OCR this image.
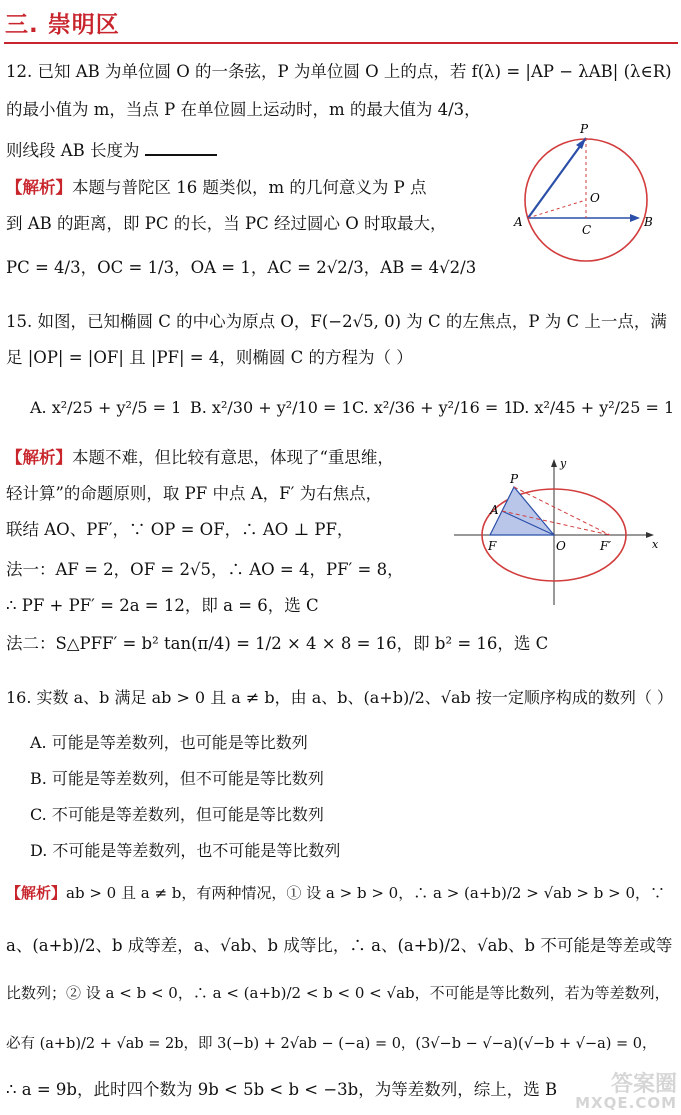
三. 崇明区
12. 已知 AB 为单位圆 O 的一条弦，P 为单位圆 O 上的点，若 f(λ) = |AP − λAB| (λ∈R)
的最小值为 m，当点 P 在单位圆上运动时，m 的最大值为 4/3，
则线段 AB 长度为
【解析】本题与普陀区 16 题类似，m 的几何意义为 P 点
到 AB 的距离，即 PC 的长，当 PC 经过圆心 O 时取最大，
PC = 4/3，OC = 1/3，OA = 1，AC = 2√2/3，AB = 4√2/3
P
O
A	B
C
15. 如图，已知椭圆 C 的中心为原点 O，F(−2√5, 0) 为 C 的左焦点，P 为 C 上一点，满
足 |OP| = |OF| 且 |PF| = 4，则椭圆 C 的方程为（ ）
A. x²/25 + y²/5 = 1 B. x²/30 + y²/10 = 1 C. x²/36 + y²/16 = 1
D. x²/45 + y²/25 = 1
【解析】本题不难，但比较有意思，体现了“重思维，
轻计算”的命题原则，取 PF 中点 A，F′ 为右焦点，
联结 AO、PF′，∵ OP = OF，∴ AO ⊥ PF，
法一：AF = 2，OF = 2√5，∴ AO = 4，PF′ = 8，
∴ PF + PF′ = 2a = 12，即 a = 6，选 C
法二：S△PFF′ = b² tan(π/4) = 1/2 × 4 × 8 = 16，即 b² = 16，选 C
y
x
P
A
F	O	F′
16. 实数 a、b 满足 ab > 0 且 a ≠ b，由 a、b、(a+b)/2、√ab 按一定顺序构成的数列（ ）
A. 可能是等差数列，也可能是等比数列
B. 可能是等差数列，但不可能是等比数列
C. 不可能是等差数列，但可能是等比数列
D. 不可能是等差数列，也不可能是等比数列
【解析】ab > 0 且 a ≠ b，有两种情况，① 设 a > b > 0，∴ a > (a+b)/2 > √ab > b > 0，∵
a、(a+b)/2、b 成等差，a、√ab、b 成等比，∴ a、(a+b)/2、√ab、b 不可能是等差或等
比数列；② 设 a < b < 0，∴ a < (a+b)/2 < b < 0 < √ab，不可能是等比数列，若为等差数列，
必有 (a+b)/2 + √ab = 2b，即 3(−b) + 2√ab − (−a) = 0，(3√−b − √−a)(√−b + √−a) = 0，
∴ a = 9b，此时四个数为 9b < 5b < b < −3b，为等差数列，综上，选 B	答案圈
MXQE.COM
